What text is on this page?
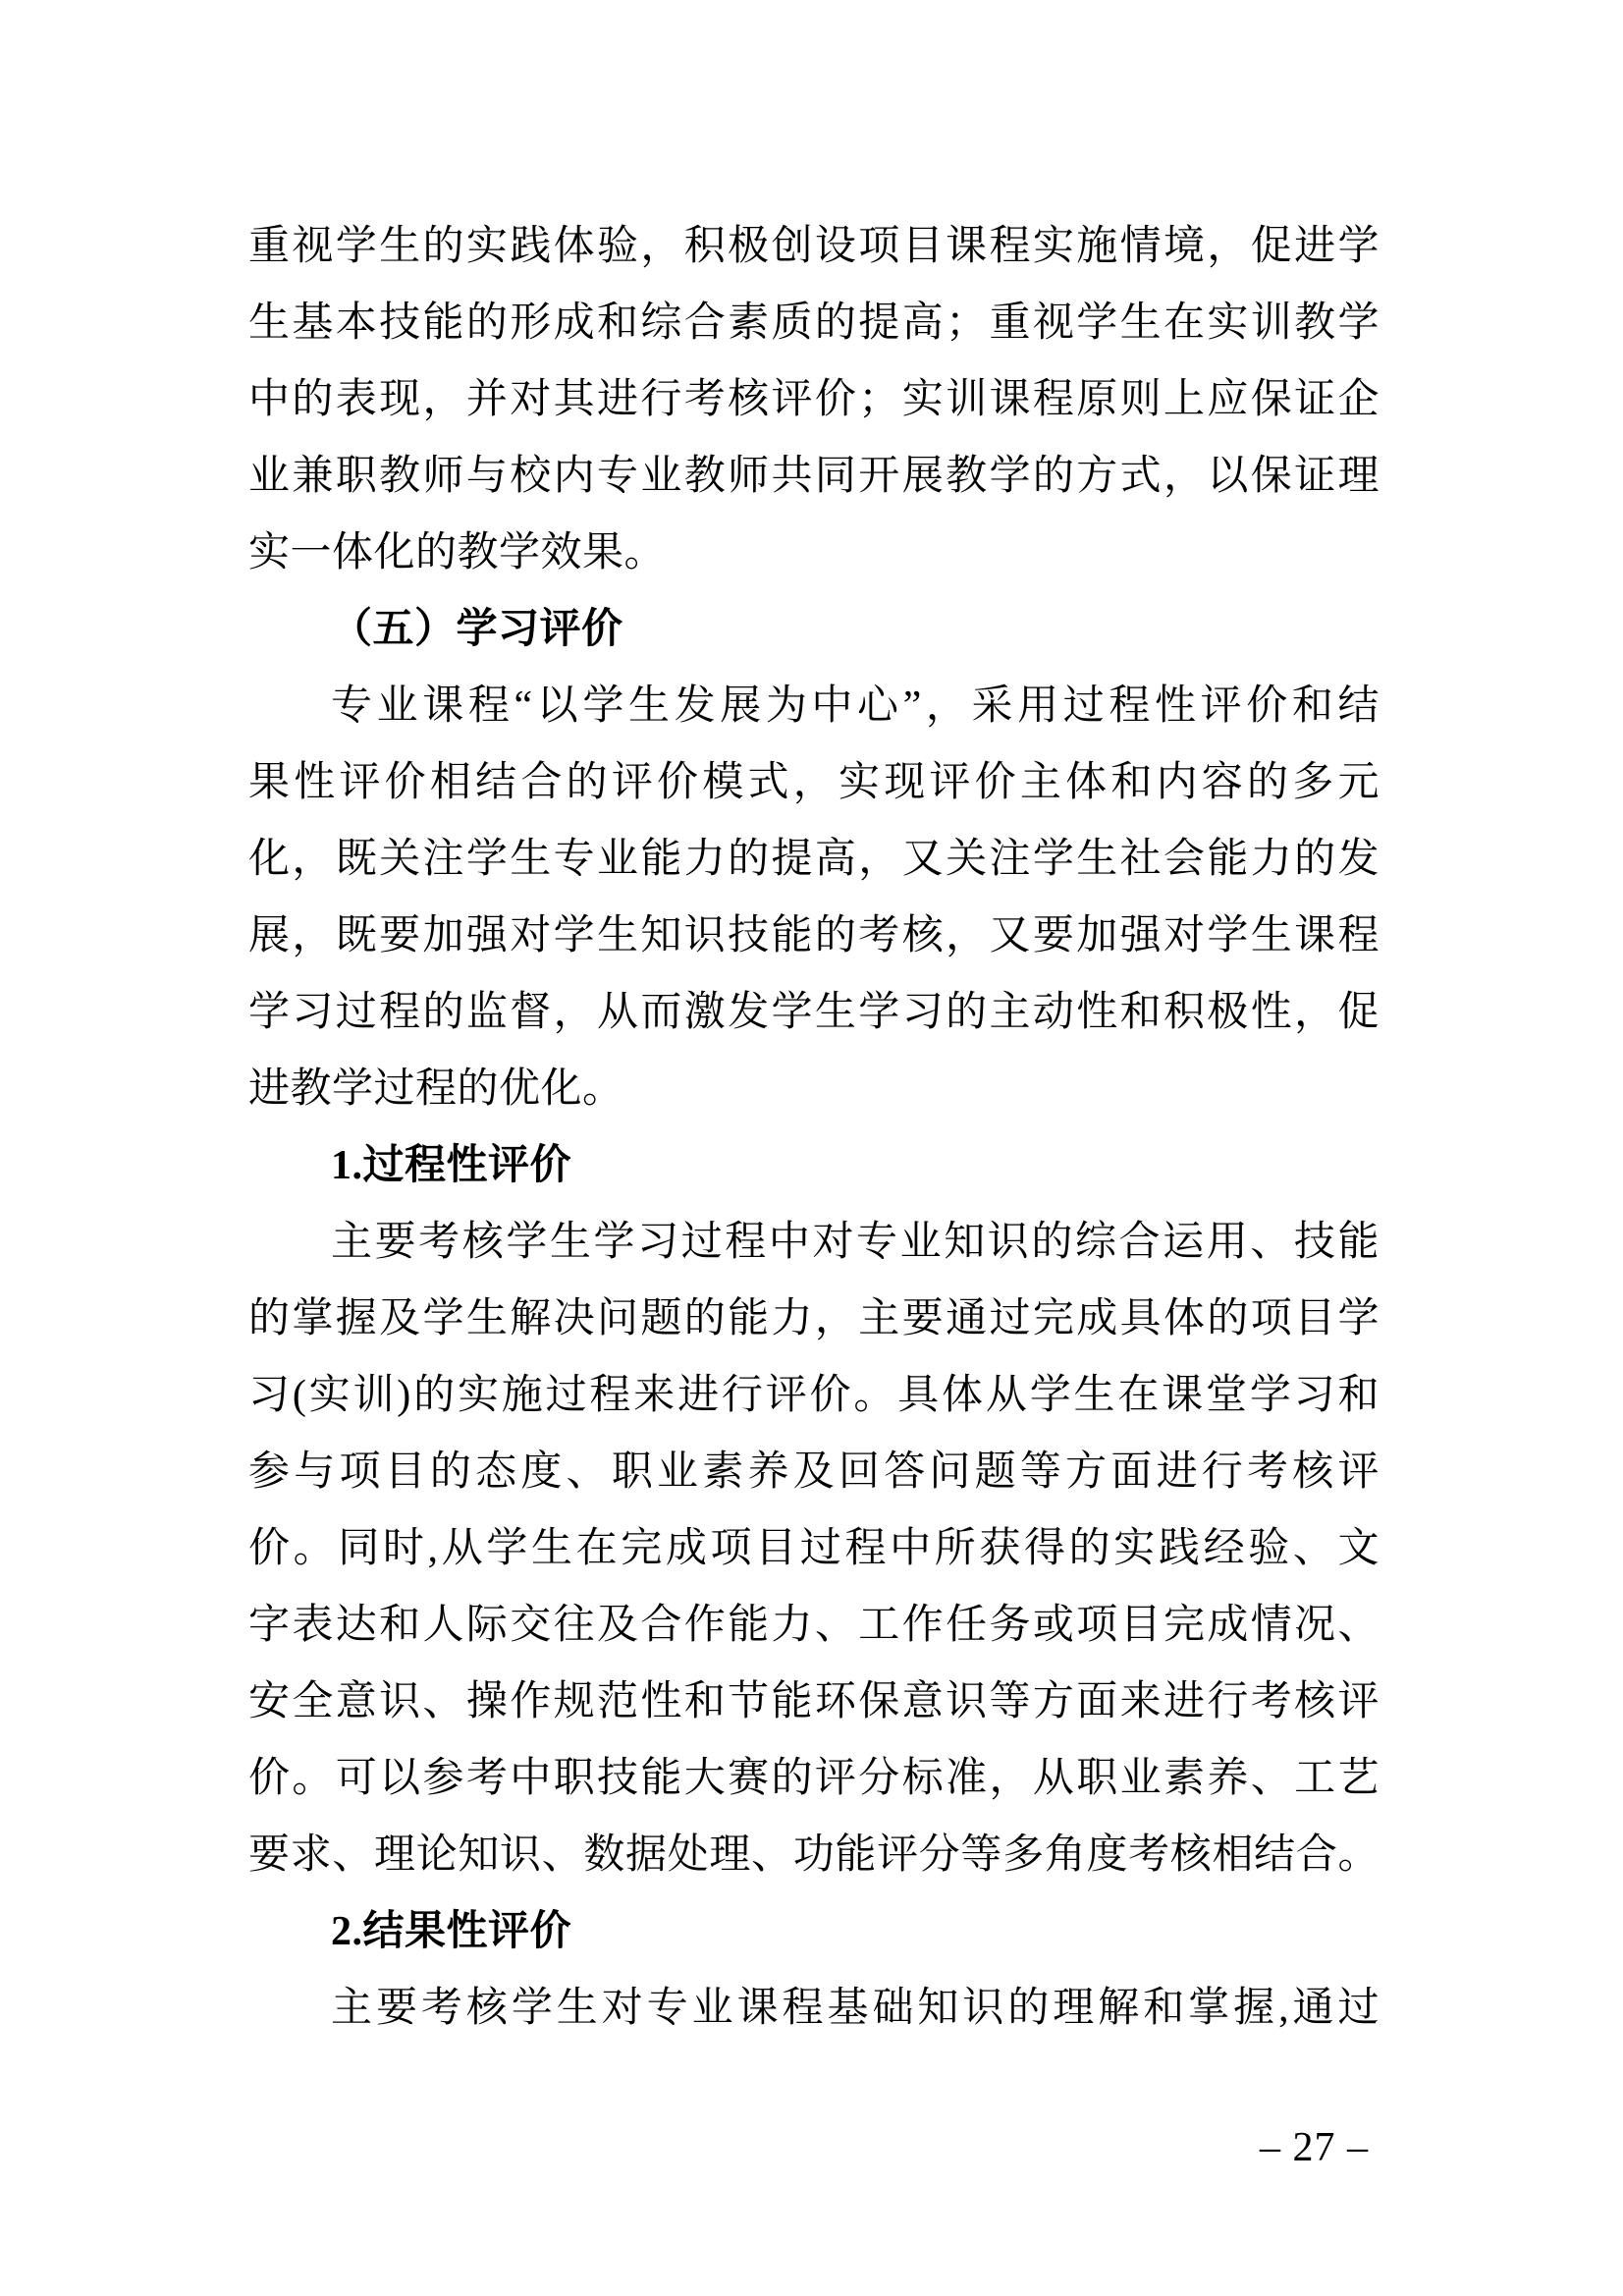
重视学生的实践体验，积极创设项目课程实施情境，促进学
生基本技能的形成和综合素质的提高；重视学生在实训教学
中的表现，并对其进行考核评价；实训课程原则上应保证企
业兼职教师与校内专业教师共同开展教学的方式，以保证理
实一体化的教学效果。
（五）学习评价
专业课程“以学生发展为中心”，采用过程性评价和结
果性评价相结合的评价模式，实现评价主体和内容的多元
化，既关注学生专业能力的提高，又关注学生社会能力的发
展，既要加强对学生知识技能的考核，又要加强对学生课程
学习过程的监督，从而激发学生学习的主动性和积极性，促
进教学过程的优化。
1.过程性评价
主要考核学生学习过程中对专业知识的综合运用、技能
的掌握及学生解决问题的能力，主要通过完成具体的项目学
习(实训)的实施过程来进行评价。具体从学生在课堂学习和
参与项目的态度、职业素养及回答问题等方面进行考核评
价。同时,从学生在完成项目过程中所获得的实践经验、文
字表达和人际交往及合作能力、工作任务或项目完成情况、
安全意识、操作规范性和节能环保意识等方面来进行考核评
价。可以参考中职技能大赛的评分标准，从职业素养、工艺
要求、理论知识、数据处理、功能评分等多角度考核相结合。
2.结果性评价
主要考核学生对专业课程基础知识的理解和掌握,通过
– 27 –
